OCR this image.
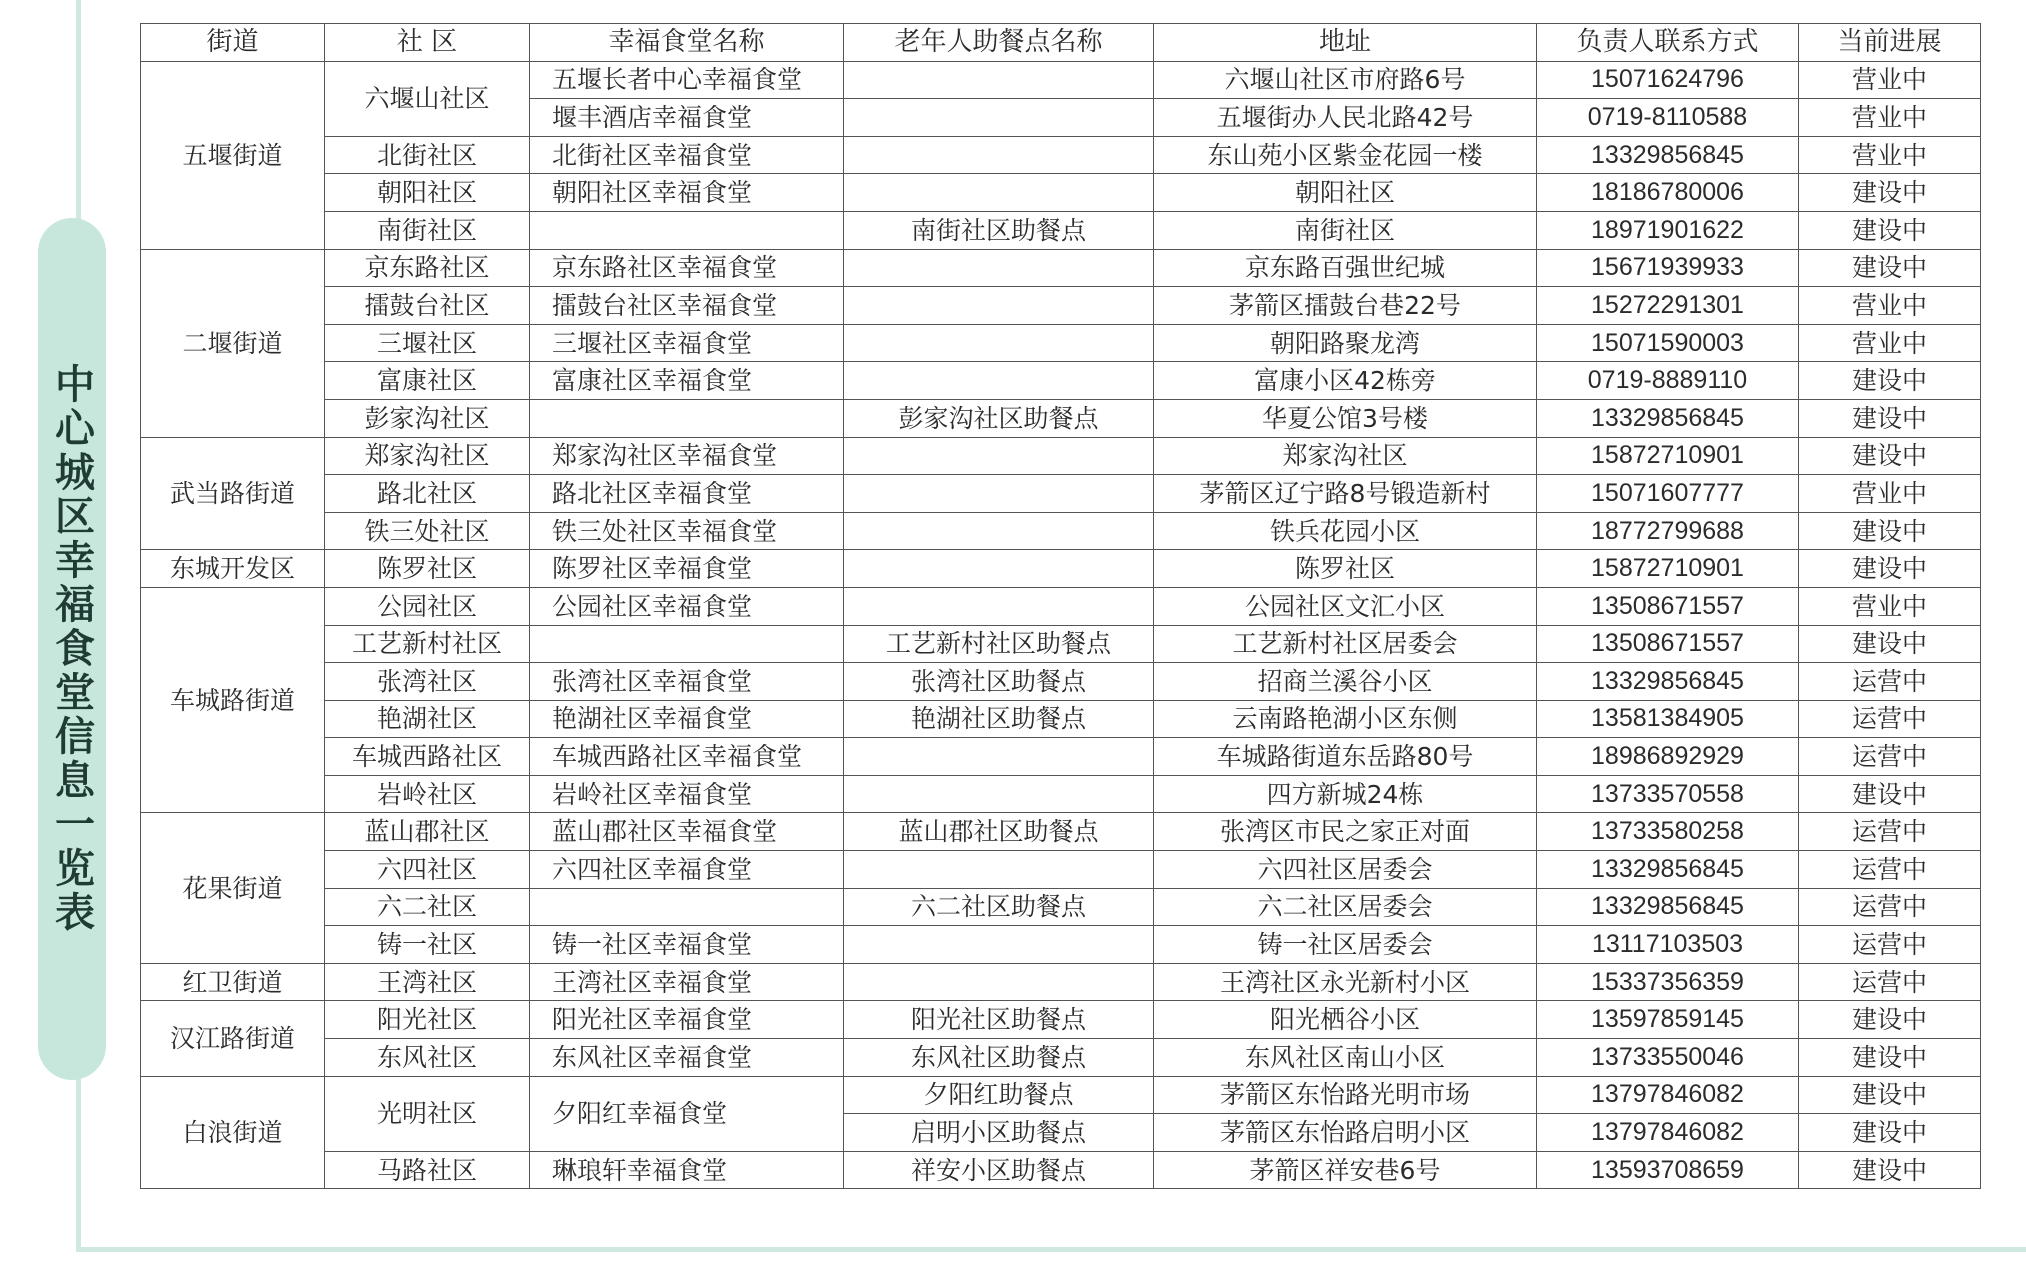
中心城区幸福食堂信息一览表
街道	社 区	幸福食堂名称	老年人助餐点名称	地址	负责人联系方式	当前进展
五堰街道	六堰山社区	五堰长者中心幸福食堂		六堰山社区市府路6号	15071624796	营业中
		堰丰酒店幸福食堂		五堰街办人民北路42号	0719-8110588	营业中
	北街社区	北街社区幸福食堂		东山苑小区紫金花园一楼	13329856845	营业中
	朝阳社区	朝阳社区幸福食堂		朝阳社区	18186780006	建设中
	南街社区		南街社区助餐点	南街社区	18971901622	建设中
二堰街道	京东路社区	京东路社区幸福食堂		京东路百强世纪城	15671939933	建设中
	擂鼓台社区	擂鼓台社区幸福食堂		茅箭区擂鼓台巷22号	15272291301	营业中
	三堰社区	三堰社区幸福食堂		朝阳路聚龙湾	15071590003	营业中
	富康社区	富康社区幸福食堂		富康小区42栋旁	0719-8889110	建设中
	彭家沟社区		彭家沟社区助餐点	华夏公馆3号楼	13329856845	建设中
武当路街道	郑家沟社区	郑家沟社区幸福食堂		郑家沟社区	15872710901	建设中
	路北社区	路北社区幸福食堂		茅箭区辽宁路8号锻造新村	15071607777	营业中
	铁三处社区	铁三处社区幸福食堂		铁兵花园小区	18772799688	建设中
东城开发区	陈罗社区	陈罗社区幸福食堂		陈罗社区	15872710901	建设中
车城路街道	公园社区	公园社区幸福食堂		公园社区文汇小区	13508671557	营业中
	工艺新村社区		工艺新村社区助餐点	工艺新村社区居委会	13508671557	建设中
	张湾社区	张湾社区幸福食堂	张湾社区助餐点	招商兰溪谷小区	13329856845	运营中
	艳湖社区	艳湖社区幸福食堂	艳湖社区助餐点	云南路艳湖小区东侧	13581384905	运营中
	车城西路社区	车城西路社区幸福食堂		车城路街道东岳路80号	18986892929	运营中
	岩岭社区	岩岭社区幸福食堂		四方新城24栋	13733570558	建设中
花果街道	蓝山郡社区	蓝山郡社区幸福食堂	蓝山郡社区助餐点	张湾区市民之家正对面	13733580258	运营中
	六四社区	六四社区幸福食堂		六四社区居委会	13329856845	运营中
	六二社区		六二社区助餐点	六二社区居委会	13329856845	运营中
	铸一社区	铸一社区幸福食堂		铸一社区居委会	13117103503	运营中
红卫街道	王湾社区	王湾社区幸福食堂		王湾社区永光新村小区	15337356359	运营中
汉江路街道	阳光社区	阳光社区幸福食堂	阳光社区助餐点	阳光栖谷小区	13597859145	建设中
	东风社区	东风社区幸福食堂	东风社区助餐点	东风社区南山小区	13733550046	建设中
白浪街道	光明社区	夕阳红幸福食堂	夕阳红助餐点	茅箭区东怡路光明市场	13797846082	建设中
			启明小区助餐点	茅箭区东怡路启明小区	13797846082	建设中
	马路社区	琳琅轩幸福食堂	祥安小区助餐点	茅箭区祥安巷6号	13593708659	建设中
